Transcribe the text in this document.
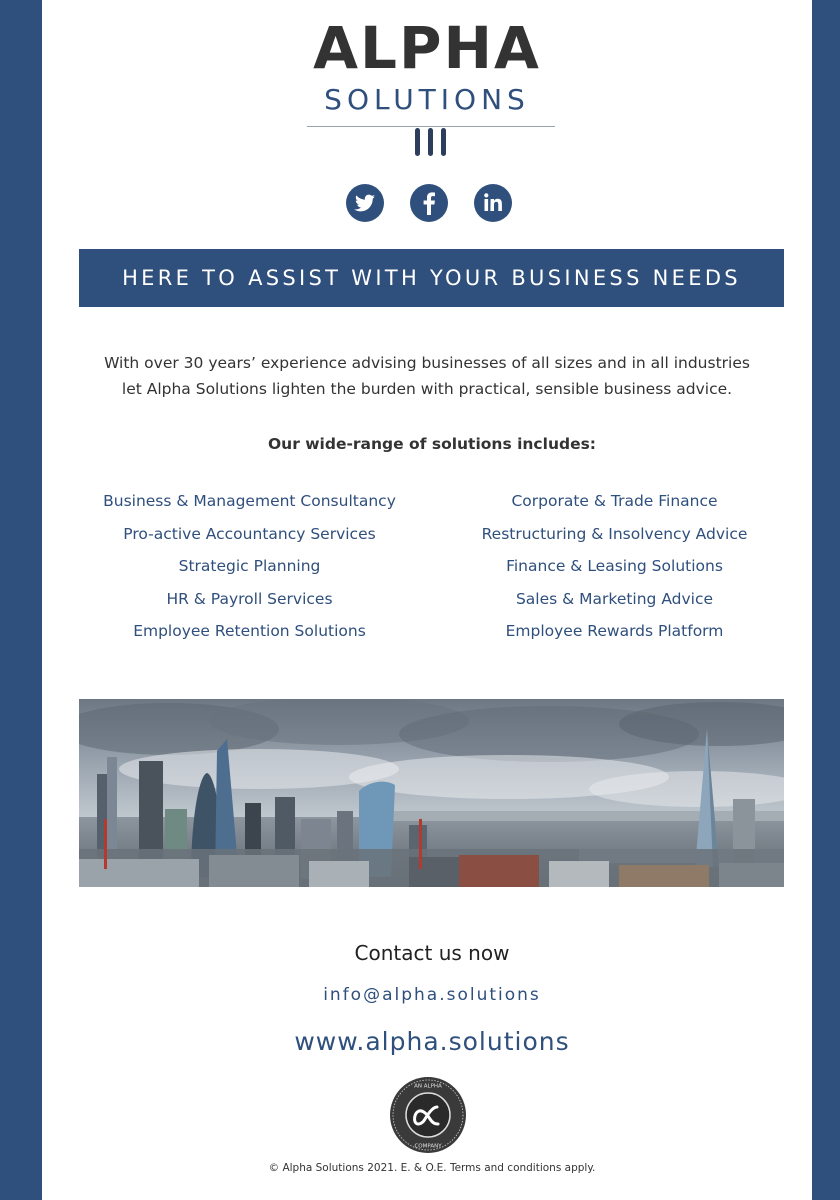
ALPHA
SOLUTIONS
HERE TO ASSIST WITH YOUR BUSINESS NEEDS
With over 30 years’ experience advising businesses of all sizes and in all industries
let Alpha Solutions lighten the burden with practical, sensible business advice.
Our wide-range of solutions includes:
Business & Management Consultancy
Pro-active Accountancy Services
Strategic Planning
HR & Payroll Services
Employee Retention Solutions
Corporate & Trade Finance
Restructuring & Insolvency Advice
Finance & Leasing Solutions
Sales & Marketing Advice
Employee Rewards Platform
Contact us now
info@alpha.solutions
www.alpha.solutions
AN ALPHA
COMPANY
© Alpha Solutions 2021. E. & O.E. Terms and conditions apply.
